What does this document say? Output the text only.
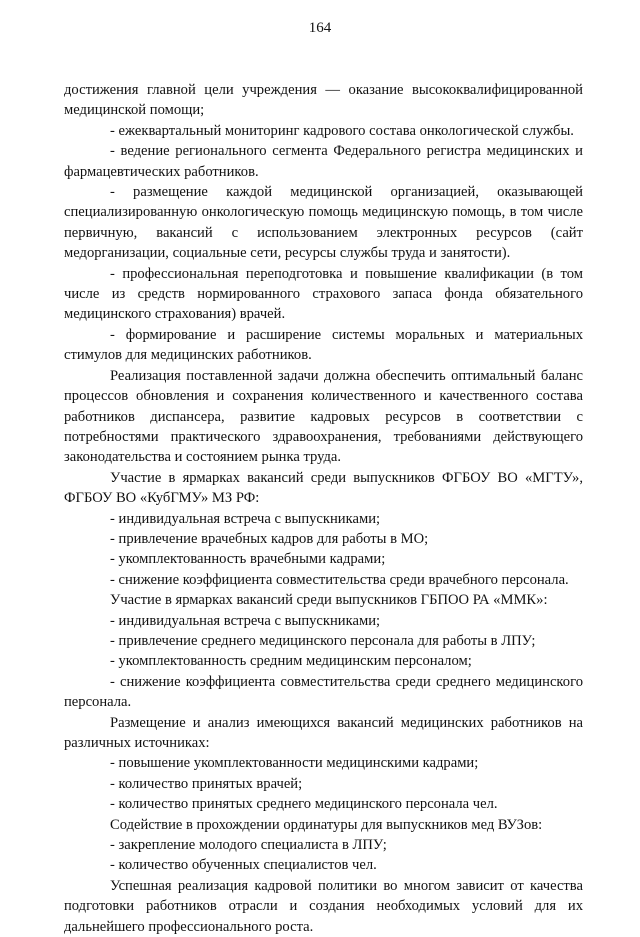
164

достижения главной цели учреждения — оказание высококвалифицированной медицинской помощи;

- ежеквартальный мониторинг кадрового состава онкологической службы.

- ведение регионального сегмента Федерального регистра медицинских и фармацевтических работников.

- размещение каждой медицинской организацией, оказывающей специализированную онкологическую помощь медицинскую помощь, в том числе первичную, вакансий с использованием электронных ресурсов (сайт медорганизации, социальные сети, ресурсы службы труда и занятости).

- профессиональная переподготовка и повышение квалификации (в том числе из средств нормированного страхового запаса фонда обязательного медицинского страхования) врачей.

- формирование и расширение системы моральных и материальных стимулов для медицинских работников.

Реализация поставленной задачи должна обеспечить оптимальный баланс процессов обновления и сохранения количественного и качественного состава работников диспансера, развитие кадровых ресурсов в соответствии с потребностями практического здравоохранения, требованиями действующего законодательства и состоянием рынка труда.

Участие в ярмарках вакансий среди выпускников ФГБОУ ВО «МГТУ», ФГБОУ ВО «КубГМУ» МЗ РФ:

- индивидуальная встреча с выпускниками;

- привлечение врачебных кадров для работы в МО;

- укомплектованность врачебными кадрами;

- снижение коэффициента совместительства среди врачебного персонала.

Участие в ярмарках вакансий среди выпускников ГБПОО РА «ММК»:

- индивидуальная встреча с выпускниками;

- привлечение среднего медицинского персонала для работы в ЛПУ;

- укомплектованность средним медицинским персоналом;

- снижение коэффициента совместительства среди среднего медицинского персонала.

Размещение и анализ имеющихся вакансий медицинских работников на различных источниках:

- повышение укомплектованности медицинскими кадрами;

- количество принятых врачей;

- количество принятых среднего медицинского персонала чел.

Содействие в прохождении ординатуры для выпускников мед ВУЗов:

- закрепление молодого специалиста в ЛПУ;

- количество обученных специалистов чел.

Успешная реализация кадровой политики во многом зависит от качества подготовки работников отрасли и создания необходимых условий для их дальнейшего профессионального роста.
